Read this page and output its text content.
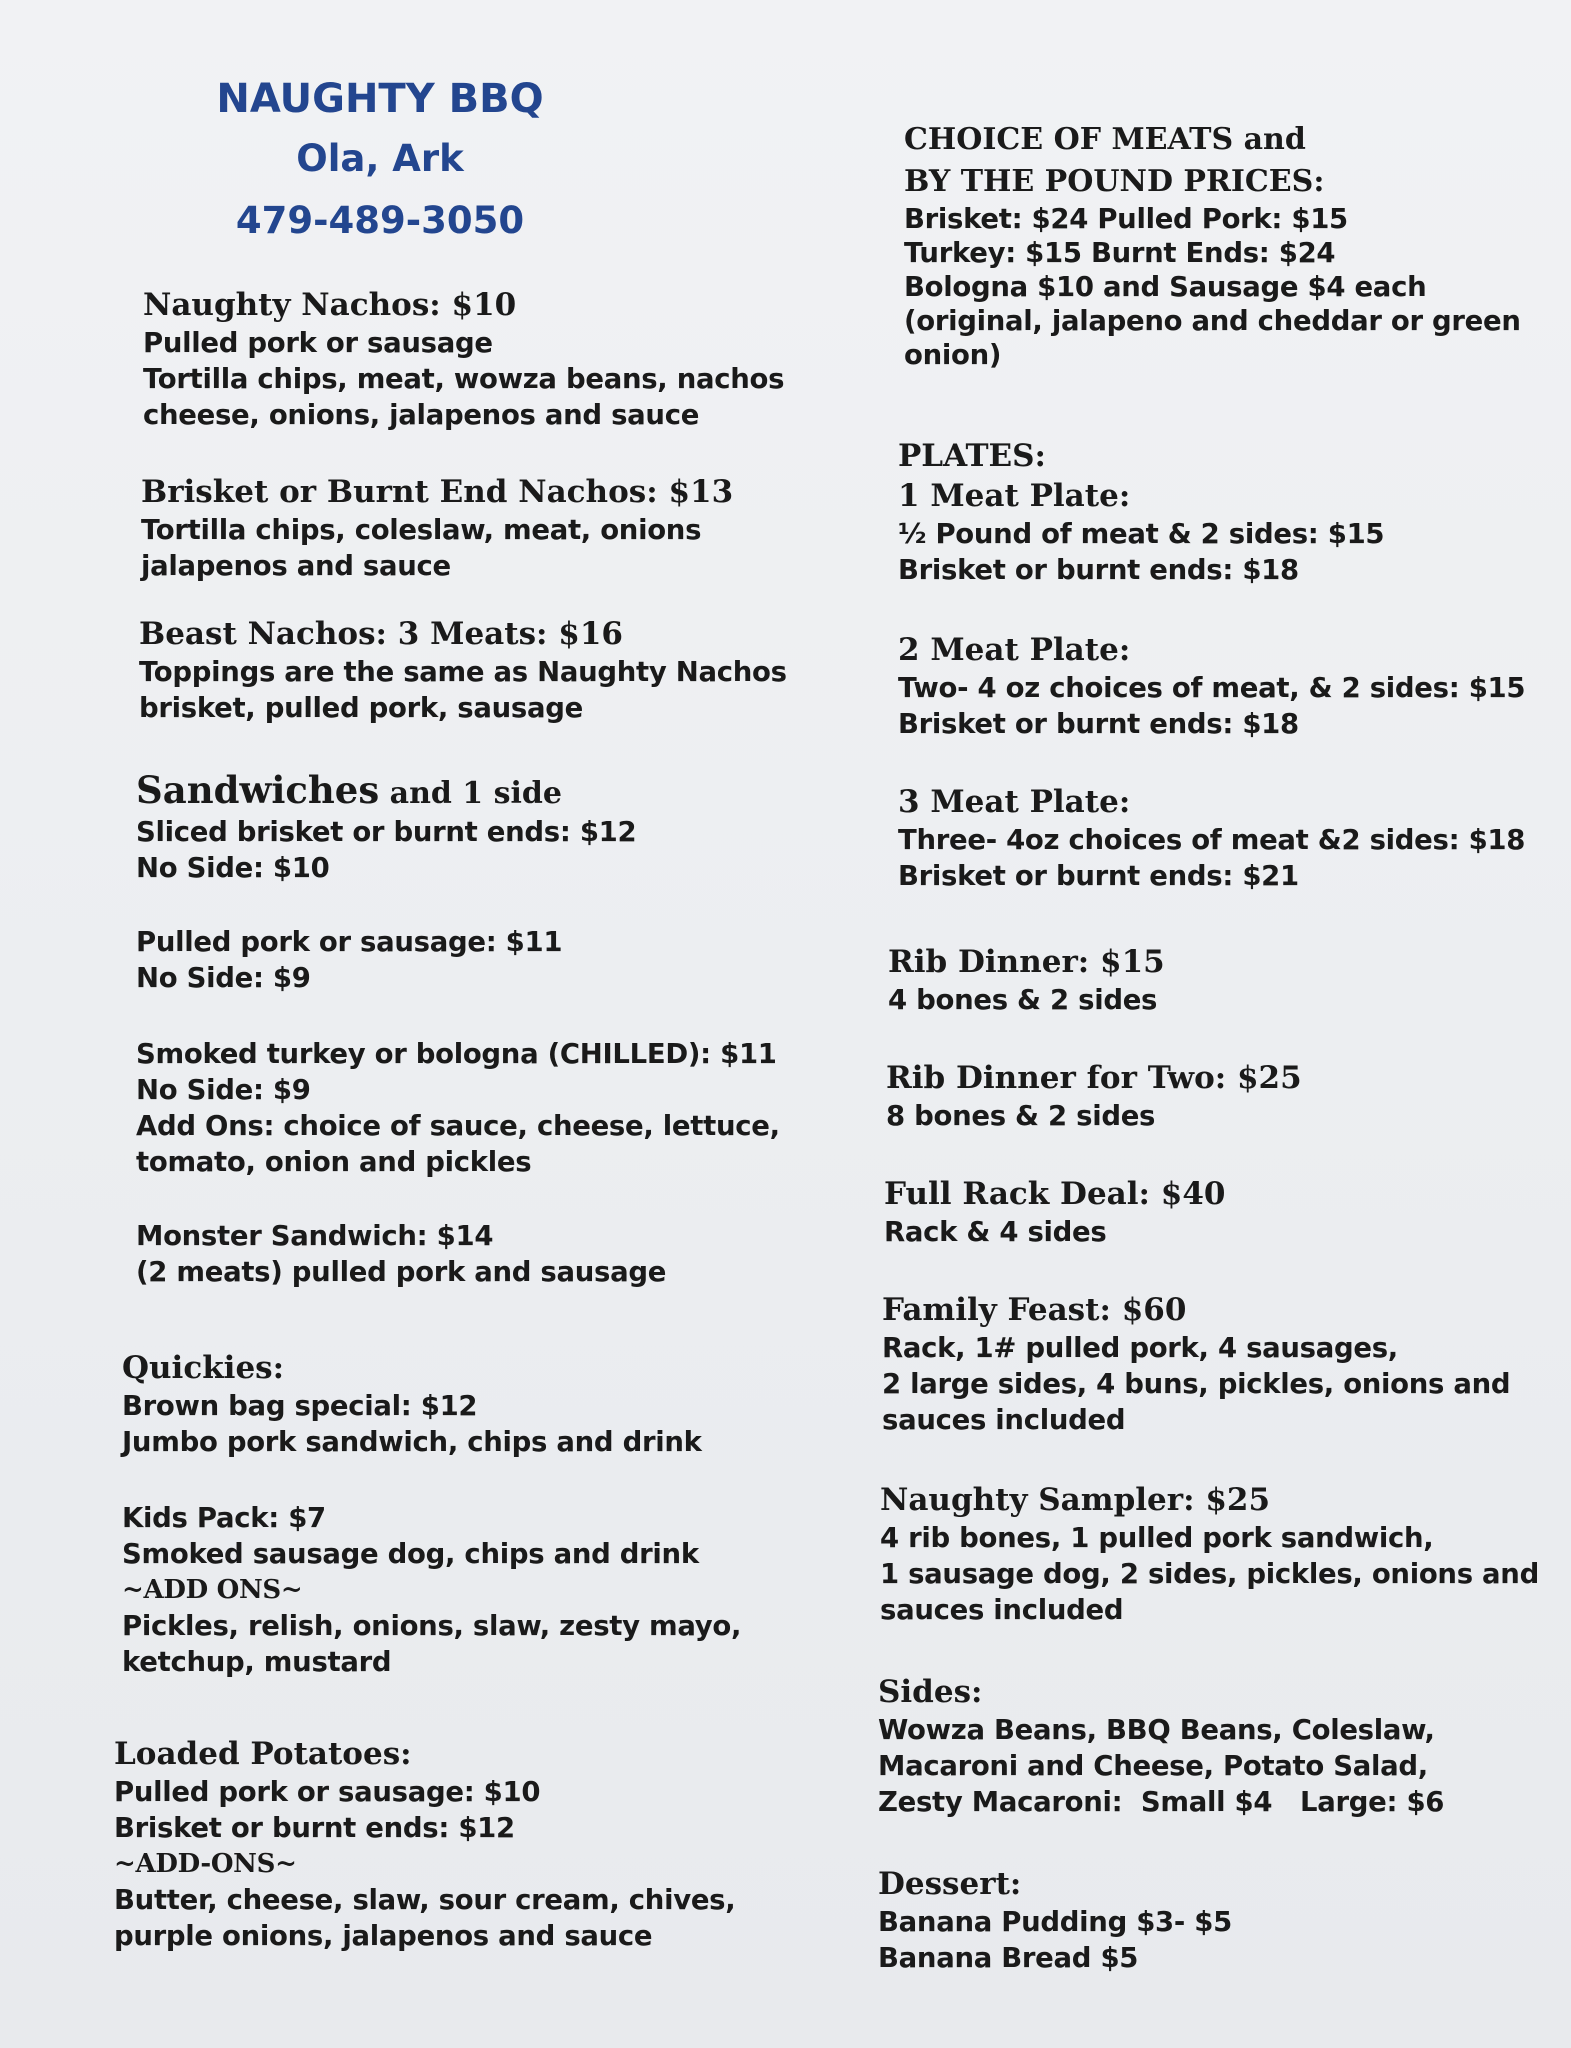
NAUGHTY BBQ
Ola, Ark
479-489-3050
Naughty Nachos: $10
Pulled pork or sausage
Tortilla chips, meat, wowza beans, nachos
cheese, onions, jalapenos and sauce
Brisket or Burnt End Nachos: $13
Tortilla chips, coleslaw, meat, onions
jalapenos and sauce
Beast Nachos: 3 Meats: $16
Toppings are the same as Naughty Nachos
brisket, pulled pork, sausage
Sandwiches and 1 side
Sliced brisket or burnt ends: $12
No Side: $10
Pulled pork or sausage: $11
No Side: $9
Smoked turkey or bologna (CHILLED): $11
No Side: $9
Add Ons: choice of sauce, cheese, lettuce,
tomato, onion and pickles
Monster Sandwich: $14
(2 meats) pulled pork and sausage
Quickies:
Brown bag special: $12
Jumbo pork sandwich, chips and drink
Kids Pack: $7
Smoked sausage dog, chips and drink
~ADD ONS~
Pickles, relish, onions, slaw, zesty mayo,
ketchup, mustard
Loaded Potatoes:
Pulled pork or sausage: $10
Brisket or burnt ends: $12
~ADD-ONS~
Butter, cheese, slaw, sour cream, chives,
purple onions, jalapenos and sauce
CHOICE OF MEATS and
BY THE POUND PRICES:
Brisket: $24 Pulled Pork: $15
Turkey: $15 Burnt Ends: $24
Bologna $10 and Sausage $4 each
(original, jalapeno and cheddar or green
onion)
PLATES:
1 Meat Plate:
½ Pound of meat & 2 sides: $15
Brisket or burnt ends: $18
2 Meat Plate:
Two- 4 oz choices of meat, & 2 sides: $15
Brisket or burnt ends: $18
3 Meat Plate:
Three- 4oz choices of meat &2 sides: $18
Brisket or burnt ends: $21
Rib Dinner: $15
4 bones & 2 sides
Rib Dinner for Two: $25
8 bones & 2 sides
Full Rack Deal: $40
Rack & 4 sides
Family Feast: $60
Rack, 1# pulled pork, 4 sausages,
2 large sides, 4 buns, pickles, onions and
sauces included
Naughty Sampler: $25
4 rib bones, 1 pulled pork sandwich,
1 sausage dog, 2 sides, pickles, onions and
sauces included
Sides:
Wowza Beans, BBQ Beans, Coleslaw,
Macaroni and Cheese, Potato Salad,
Zesty Macaroni:  Small $4   Large: $6
Dessert:
Banana Pudding $3- $5
Banana Bread $5
